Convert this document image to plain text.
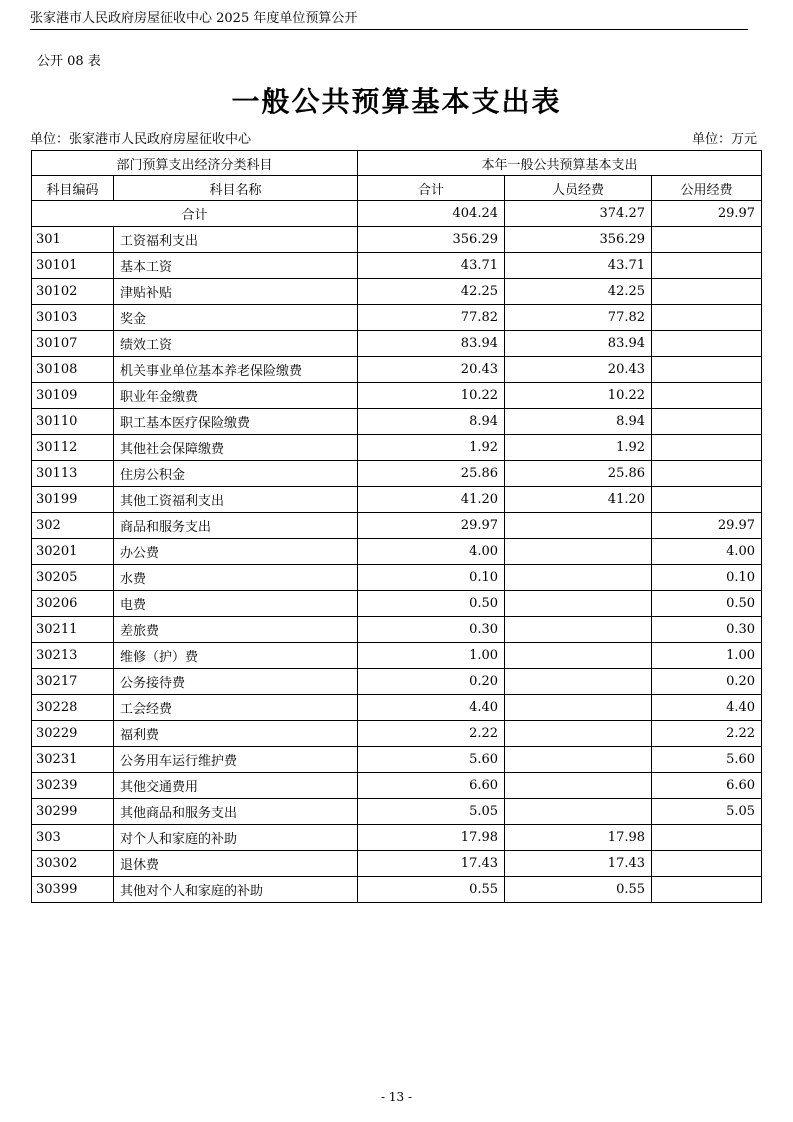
张家港市人民政府房屋征收中心 2025 年度单位预算公开
公开 08 表
一般公共预算基本支出表
单位：张家港市人民政府房屋征收中心	单位：万元
部门预算支出经济分类科目		本年一般公共预算基本支出		
科目编码	科目名称	合计	人员经费	公用经费
合计		404.24	374.27	29.97
301	工资福利支出	356.29	356.29	
30101	基本工资	43.71	43.71	
30102	津贴补贴	42.25	42.25	
30103	奖金	77.82	77.82	
30107	绩效工资	83.94	83.94	
30108	机关事业单位基本养老保险缴费	20.43	20.43	
30109	职业年金缴费	10.22	10.22	
30110	职工基本医疗保险缴费	8.94	8.94	
30112	其他社会保障缴费	1.92	1.92	
30113	住房公积金	25.86	25.86	
30199	其他工资福利支出	41.20	41.20	
302	商品和服务支出	29.97		29.97
30201	办公费	4.00		4.00
30205	水费	0.10		0.10
30206	电费	0.50		0.50
30211	差旅费	0.30		0.30
30213	维修（护）费	1.00		1.00
30217	公务接待费	0.20		0.20
30228	工会经费	4.40		4.40
30229	福利费	2.22		2.22
30231	公务用车运行维护费	5.60		5.60
30239	其他交通费用	6.60		6.60
30299	其他商品和服务支出	5.05		5.05
303	对个人和家庭的补助	17.98	17.98	
30302	退休费	17.43	17.43	
30399	其他对个人和家庭的补助	0.55	0.55	
- 13 -
